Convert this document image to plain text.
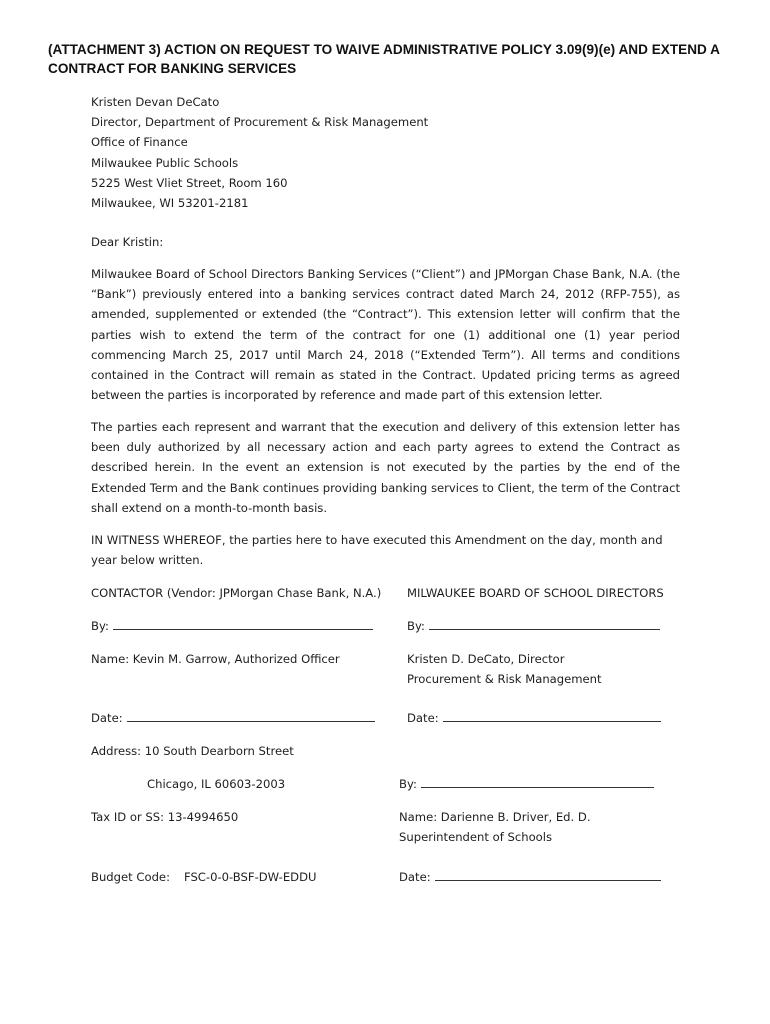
(ATTACHMENT 3) ACTION ON REQUEST TO WAIVE ADMINISTRATIVE POLICY 3.09(9)(e) AND EXTEND A CONTRACT FOR BANKING SERVICES
Kristen Devan DeCato
Director, Department of Procurement & Risk Management
Office of Finance
Milwaukee Public Schools
5225 West Vliet Street, Room 160
Milwaukee, WI 53201-2181
Dear Kristin:

Milwaukee Board of School Directors Banking Services (“Client”) and JPMorgan Chase Bank, N.A. (the “Bank”) previously entered into a banking services contract dated March 24, 2012 (RFP-755), as amended, supplemented or extended (the “Contract”). This extension letter will confirm that the parties wish to extend the term of the contract for one (1) additional one (1) year period commencing March 25, 2017 until March 24, 2018 (“Extended Term”). All terms and conditions contained in the Contract will remain as stated in the Contract. Updated pricing terms as agreed between the parties is incorporated by reference and made part of this extension letter.

The parties each represent and warrant that the execution and delivery of this extension letter has been duly authorized by all necessary action and each party agrees to extend the Contract as described herein. In the event an extension is not executed by the parties by the end of the Extended Term and the Bank continues providing banking services to Client, the term of the Contract shall extend on a month-to-month basis.

IN WITNESS WHEREOF, the parties here to have executed this Amendment on the day, month and year below written.

CONTACTOR (Vendor: JPMorgan Chase Bank, N.A.)
By:
Name: Kevin M. Garrow, Authorized Officer
Date:
Address: 10 South Dearborn Street
Chicago, IL 60603-2003
Tax ID or SS: 13-4994650
Budget Code: FSC-0-0-BSF-DW-EDDU
MILWAUKEE BOARD OF SCHOOL DIRECTORS
By:
Kristen D. DeCato, Director
Procurement & Risk Management
Date:
By:
Name: Darienne B. Driver, Ed. D.
Superintendent of Schools
Date:
